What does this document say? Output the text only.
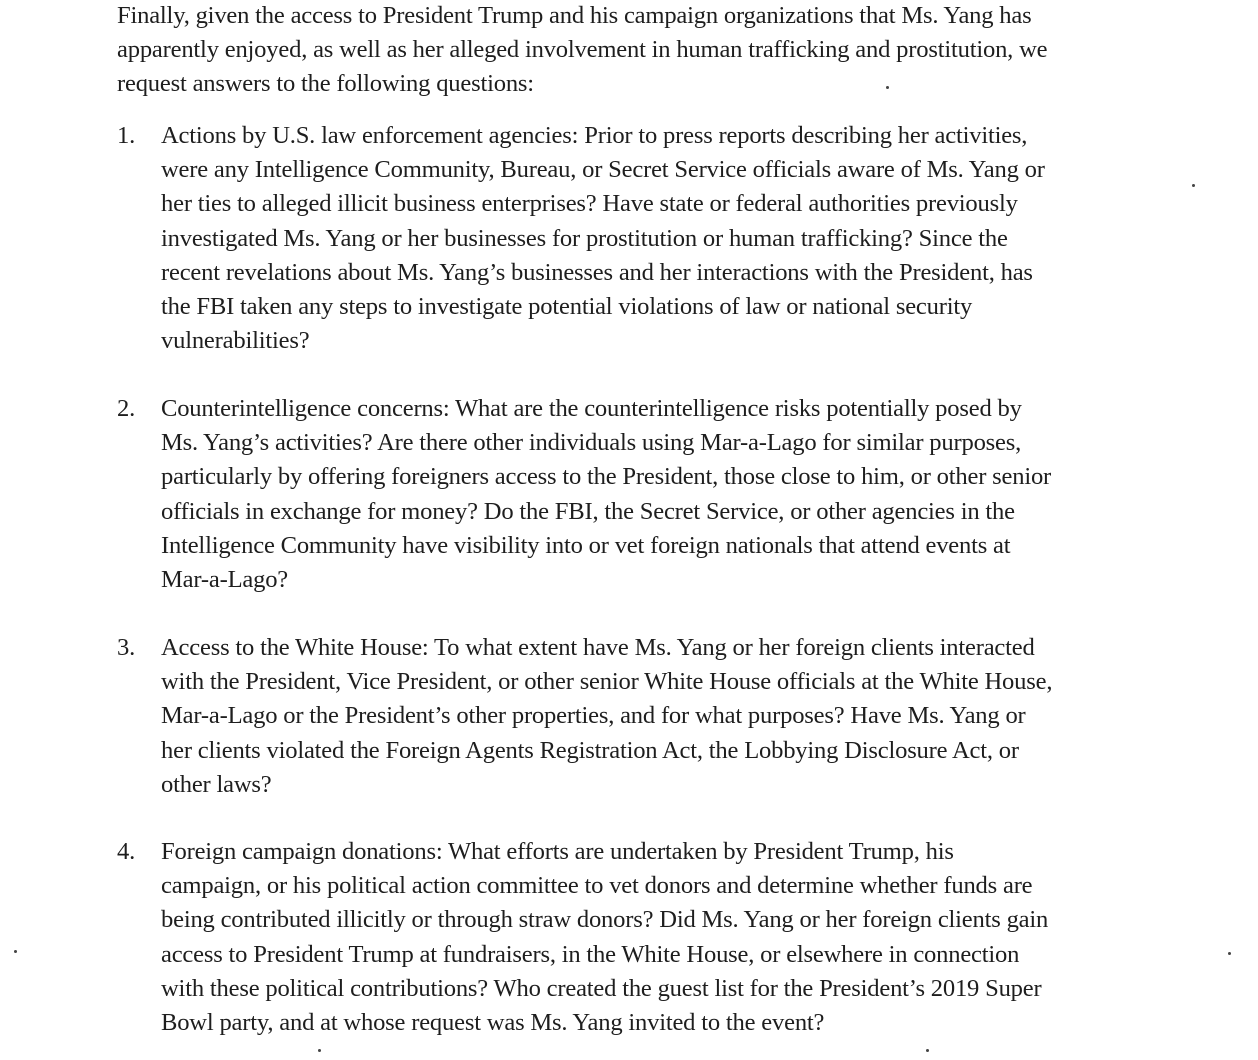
Finally, given the access to President Trump and his campaign organizations that Ms. Yang has
apparently enjoyed, as well as her alleged involvement in human trafficking and prostitution, we
request answers to the following questions:

1.	Actions by U.S. law enforcement agencies: Prior to press reports describing her activities,
were any Intelligence Community, Bureau, or Secret Service officials aware of Ms. Yang or
her ties to alleged illicit business enterprises? Have state or federal authorities previously
investigated Ms. Yang or her businesses for prostitution or human trafficking? Since the
recent revelations about Ms. Yang’s businesses and her interactions with the President, has
the FBI taken any steps to investigate potential violations of law or national security
vulnerabilities?
2.	Counterintelligence concerns: What are the counterintelligence risks potentially posed by
Ms. Yang’s activities? Are there other individuals using Mar-a-Lago for similar purposes,
particularly by offering foreigners access to the President, those close to him, or other senior
officials in exchange for money? Do the FBI, the Secret Service, or other agencies in the
Intelligence Community have visibility into or vet foreign nationals that attend events at
Mar-a-Lago?
3.	Access to the White House: To what extent have Ms. Yang or her foreign clients interacted
with the President, Vice President, or other senior White House officials at the White House,
Mar-a-Lago or the President’s other properties, and for what purposes? Have Ms. Yang or
her clients violated the Foreign Agents Registration Act, the Lobbying Disclosure Act, or
other laws?
4.	Foreign campaign donations: What efforts are undertaken by President Trump, his
campaign, or his political action committee to vet donors and determine whether funds are
being contributed illicitly or through straw donors? Did Ms. Yang or her foreign clients gain
access to President Trump at fundraisers, in the White House, or elsewhere in connection
with these political contributions? Who created the guest list for the President’s 2019 Super
Bowl party, and at whose request was Ms. Yang invited to the event?
